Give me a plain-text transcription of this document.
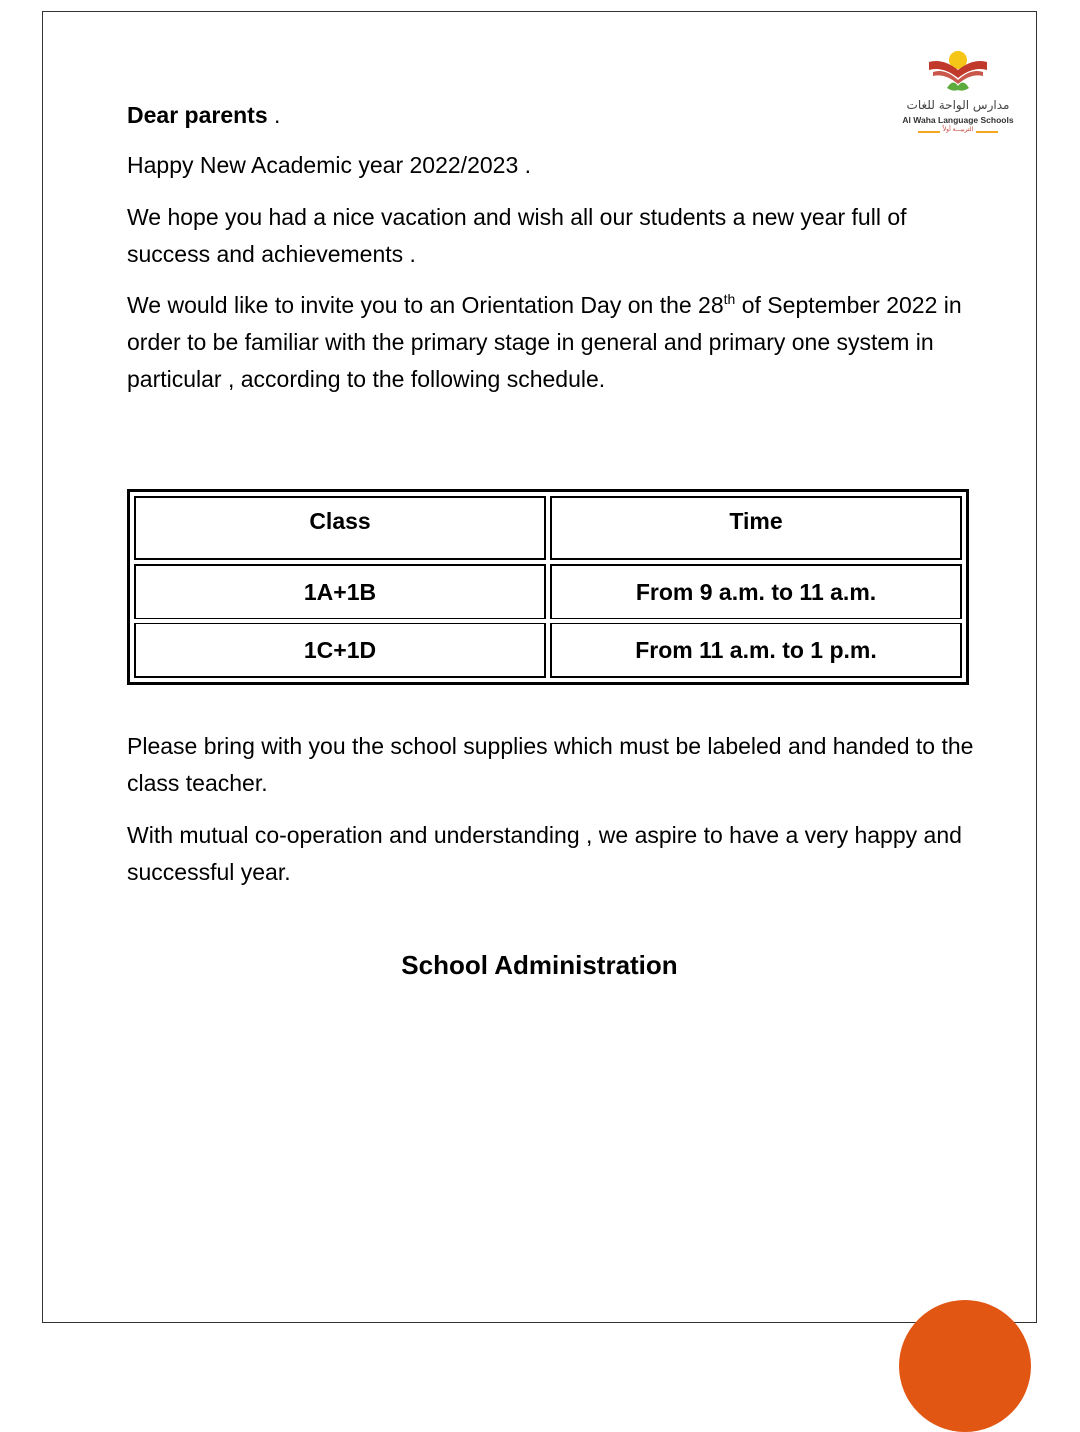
مدارس الواحة للغات
Al Waha Language Schools
التربيـــة أولاً

Dear parents .

Happy New Academic year 2022/2023 .

We hope you had a nice vacation and wish all our students a new year full of success and achievements .

We would like to invite you to an Orientation Day on the 28th of September 2022 in order to be familiar with the primary stage in general and primary one system in particular , according to the following schedule.

Class	Time
1A+1B	From 9 a.m. to 11 a.m.
1C+1D	From 11 a.m. to 1 p.m.

Please bring with you the school supplies which must be labeled and handed to the class teacher.

With mutual co-operation and understanding , we aspire to have a very happy and successful year.

School Administration
